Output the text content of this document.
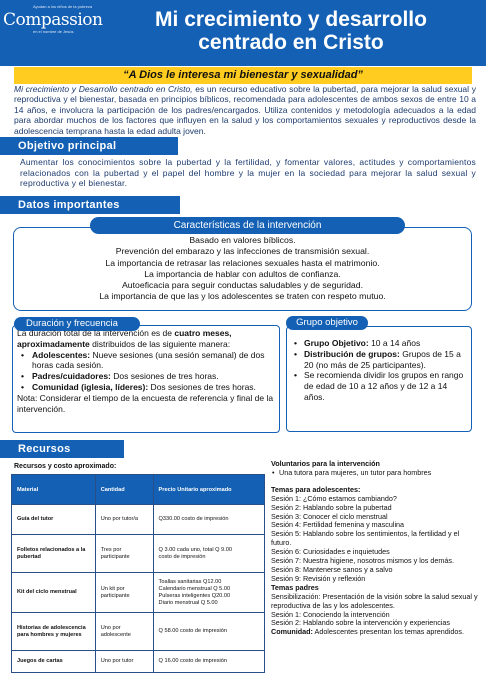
Ayudan a los niños de la pobreza
Compassion
en el nombre de Jesús
Mi crecimiento y desarrollo
centrado en Cristo
“A Dios le interesa mi bienestar y sexualidad”
Mi crecimiento y Desarrollo centrado en Cristo, es un recurso educativo sobre la pubertad, para mejorar la salud sexual y reproductiva y el bienestar, basada en principios bíblicos, recomendada para adolescentes de ambos sexos de entre 10 a 14 años, e involucra la participación de los padres/encargados. Utiliza contenidos y metodología adecuados a la edad para abordar muchos de los factores que influyen en la salud y los comportamientos sexuales y reproductivos desde la adolescencia temprana hasta la edad adulta joven.
Objetivo principal
Aumentar los conocimientos sobre la pubertad y la fertilidad, y fomentar valores, actitudes y comportamientos relacionados con la pubertad y el papel del hombre y la mujer en la sociedad para mejorar la salud sexual y reproductiva y el bienestar.
Datos importantes
Características de la intervención
Basado en valores bíblicos.
Prevención del embarazo y las infecciones de transmisión sexual.
La importancia de retrasar las relaciones sexuales hasta el matrimonio.
La importancia de hablar con adultos de confianza.
Autoeficacia para seguir conductas saludables y de seguridad.
La importancia de que las y los adolescentes se traten con respeto mutuo.
Duración y frecuencia
La duración total de la intervención es de cuatro meses, aproximadamente distribuidos de las siguiente manera:
• Adolescentes: Nueve sesiones (una sesión semanal) de dos horas cada sesión.
• Padres/cuidadores: Dos sesiones de tres horas.
• Comunidad (iglesia, líderes): Dos sesiones de tres horas.
Nota: Considerar el tiempo de la encuesta de referencia y final de la intervención.
Grupo objetivo
• Grupo Objetivo: 10 a 14 años
• Distribución de grupos: Grupos de 15 a 20 (no más de 25 participantes).
• Se recomienda dividir los grupos en rango de edad de 10 a 12 años y de 12 a 14 años.
Recursos
Recursos y costo aproximado:
Material	Cantidad	Precio Unitario aproximado
Guía del tutor	Uno por tutor/a	Q330.00 costo de impresión

Folletos relacionados a la pubertad	Tres por participante	Q 3.00 cada uno, total Q 9.00
costo de impresión

Kit del ciclo menstrual	Un kit por participante	Toallas sanitarias Q12.00
Calendario menstrual Q 5.00
Pulseras inteligentes Q20.00
Diario menstrual Q 5.00

Historias de adolescencia para hombres y mujeres	Uno por adolescente	Q 58.00 costo de impresión

Juegos de cartas	Uno por tutor	Q 16.00 costo de impresión
Voluntarios para la intervención
• Una tutora para mujeres, un tutor para hombres
Temas para adolescentes:
Sesión 1: ¿Cómo estamos cambiando?
Sesión 2: Hablando sobre la pubertad
Sesión 3: Conocer el ciclo menstrual
Sesión 4: Fertilidad femenina y masculina
Sesión 5: Hablando sobre los sentimientos, la fertilidad y el futuro.
Sesión 6: Curiosidades e inquietudes
Sesión 7: Nuestra higiene, nosotros mismos y los demás.
Sesión 8: Mantenerse sanos y a salvo
Sesión 9: Revisión y reflexión
Temas padres
Sensibilización: Presentación de la visión sobre la salud sexual y reproductiva de las y los adolescentes.
Sesión 1: Conociendo la intervención
Sesión 2: Hablando sobre la intervención y experiencias
Comunidad: Adolescentes presentan los temas aprendidos.
